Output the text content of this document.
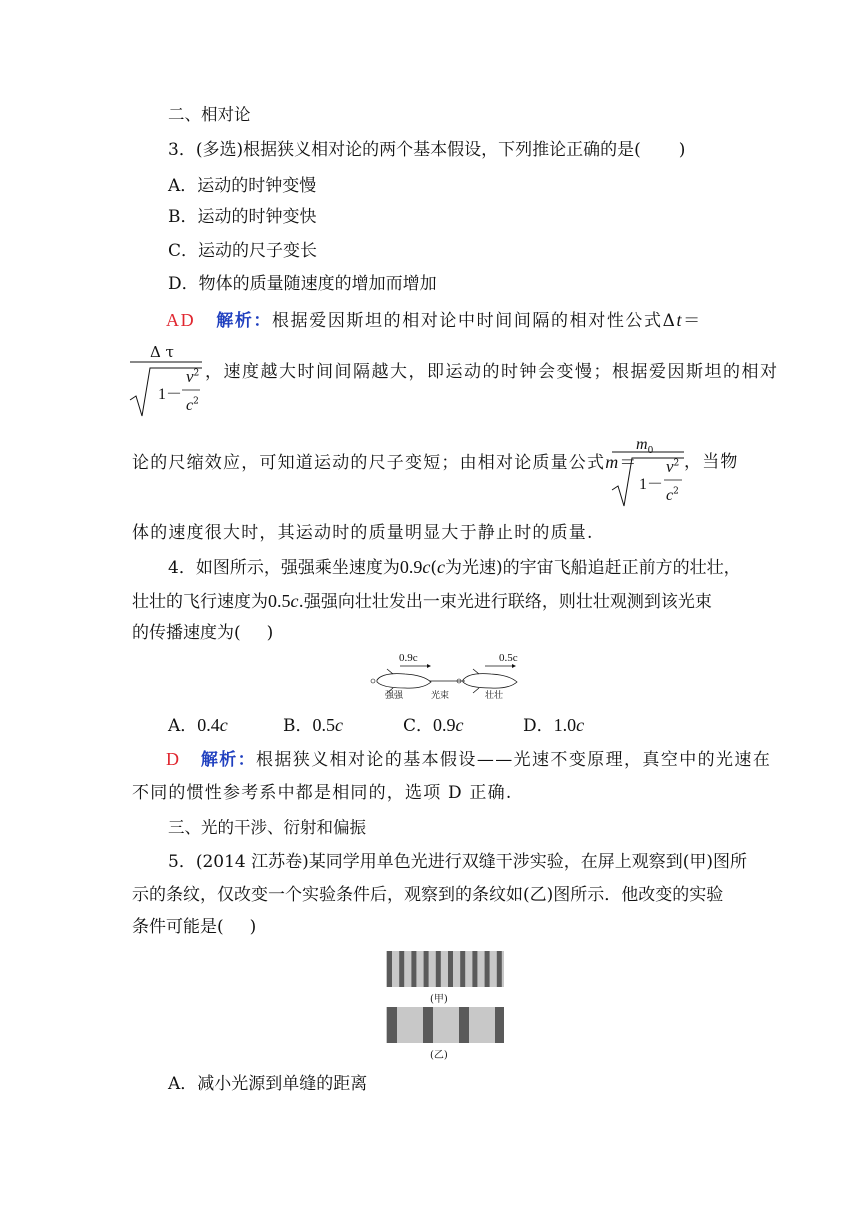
二、相对论
3．(多选)根据狭义相对论的两个基本假设，下列推论正确的是( )
A．运动的时钟变慢
B．运动的时钟变快
C．运动的尺子变长
D．物体的质量随速度的增加而增加
AD 解析：根据爱因斯坦的相对论中时间间隔的相对性公式Δt＝
Δ τ
1－
$v^2$
$c^2$
，速度越大时间间隔越大，即运动的时钟会变慢；根据爱因斯坦的相对
论的尺缩效应，可知道运动的尺子变短；由相对论质量公式m＝
$m_0$
1－
$v^2$
$c^2$
，当物
体的速度很大时，其运动时的质量明显大于静止时的质量.
4．如图所示，强强乘坐速度为0.9c(c为光速)的宇宙飞船追赶正前方的壮壮，
壮壮的飞行速度为0.5c.强强向壮壮发出一束光进行联络，则壮壮观测到该光束
的传播速度为( )
0.9c	0.5c
强强	光束	壮壮
A．0.4c	B．0.5c	C．0.9c	D．1.0c
D 解析：根据狭义相对论的基本假设——光速不变原理，真空中的光速在
不同的惯性参考系中都是相同的，选项 D 正确.
三、光的干涉、衍射和偏振
5．(2014 江苏卷)某同学用单色光进行双缝干涉实验，在屏上观察到(甲)图所
示的条纹，仅改变一个实验条件后，观察到的条纹如(乙)图所示．他改变的实验
条件可能是( )
(甲)
(乙)
A．减小光源到单缝的距离
